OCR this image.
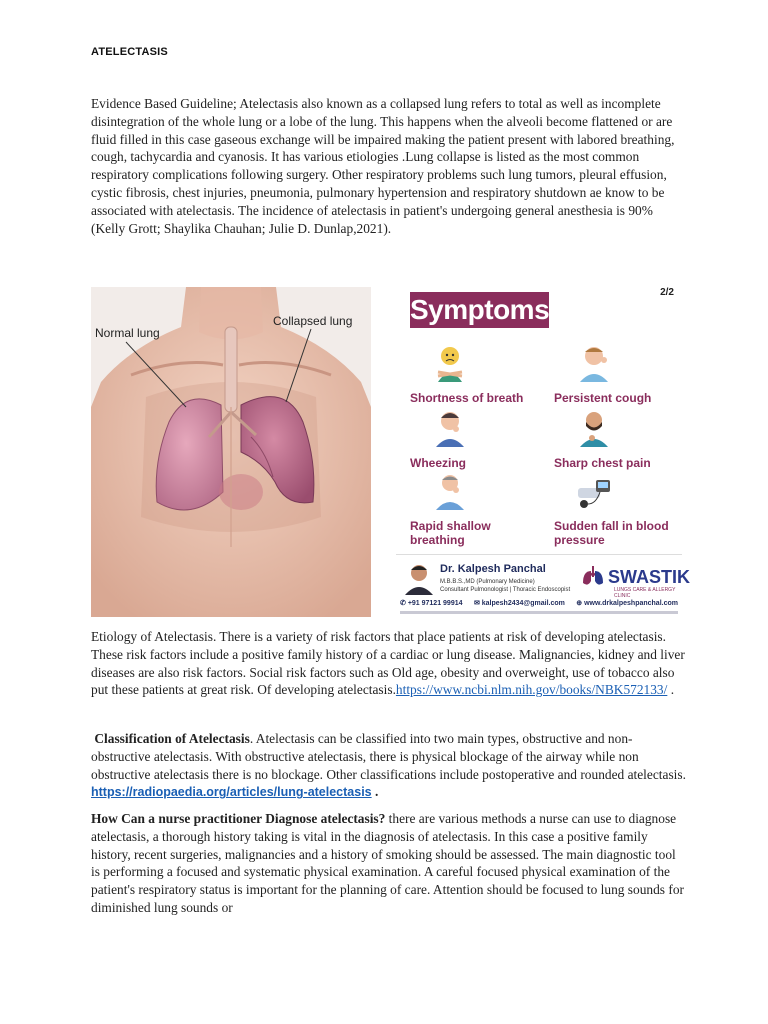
ATELECTASIS

Evidence Based Guideline; Atelectasis also known as a collapsed lung refers to total as well as incomplete disintegration of the whole lung or a lobe of the lung. This happens when the alveoli become flattened or are fluid filled in this case gaseous exchange will be impaired making the patient present with labored breathing, cough, tachycardia and cyanosis. It has various etiologies .Lung collapse is listed as the most common respiratory complications following surgery. Other respiratory problems such lung tumors, pleural effusion, cystic fibrosis, chest injuries, pneumonia, pulmonary hypertension and respiratory shutdown ae know to be associated with atelectasis. The incidence of atelectasis in patient's undergoing general anesthesia is 90% (Kelly Grott; Shaylika Chauhan; Julie D. Dunlap,2021).

Normal lung
Collapsed lung Symptoms
2/2
Shortness of breath	Persistent cough
Wheezing	Sharp chest pain
Rapid shallow breathing
Sudden fall in blood pressure
Dr. Kalpesh Panchal
M.B.B.S.,MD (Pulmonary Medicine)
Consultant Pulmonologist | Thoracic Endoscopist
SWASTIK
LUNGS CARE & ALLERGY CLINIC
✆ +91 97121 99914 ✉ kalpesh2434@gmail.com ⊕ www.drkalpeshpanchal.com

Etiology of Atelectasis. There is a variety of risk factors that place patients at risk of developing atelectasis. These risk factors include a positive family history of a cardiac or lung disease. Malignancies, kidney and liver diseases are also risk factors. Social risk factors such as Old age, obesity and overweight, use of tobacco also put these patients at great risk. Of developing atelectasis.https://www.ncbi.nlm.nih.gov/books/NBK572133/ .

Classification of Atelectasis. Atelectasis can be classified into two main types, obstructive and non-obstructive atelectasis. With obstructive atelectasis, there is physical blockage of the airway while non obstructive atelectasis there is no blockage. Other classifications include postoperative and rounded atelectasis. https://radiopaedia.org/articles/lung-atelectasis .

How Can a nurse practitioner Diagnose atelectasis? there are various methods a nurse can use to diagnose atelectasis, a thorough history taking is vital in the diagnosis of atelectasis. In this case a positive family history, recent surgeries, malignancies and a history of smoking should be assessed. The main diagnostic tool is performing a focused and systematic physical examination. A careful focused physical examination of the patient's respiratory status is important for the planning of care. Attention should be focused to lung sounds for diminished lung sounds or
